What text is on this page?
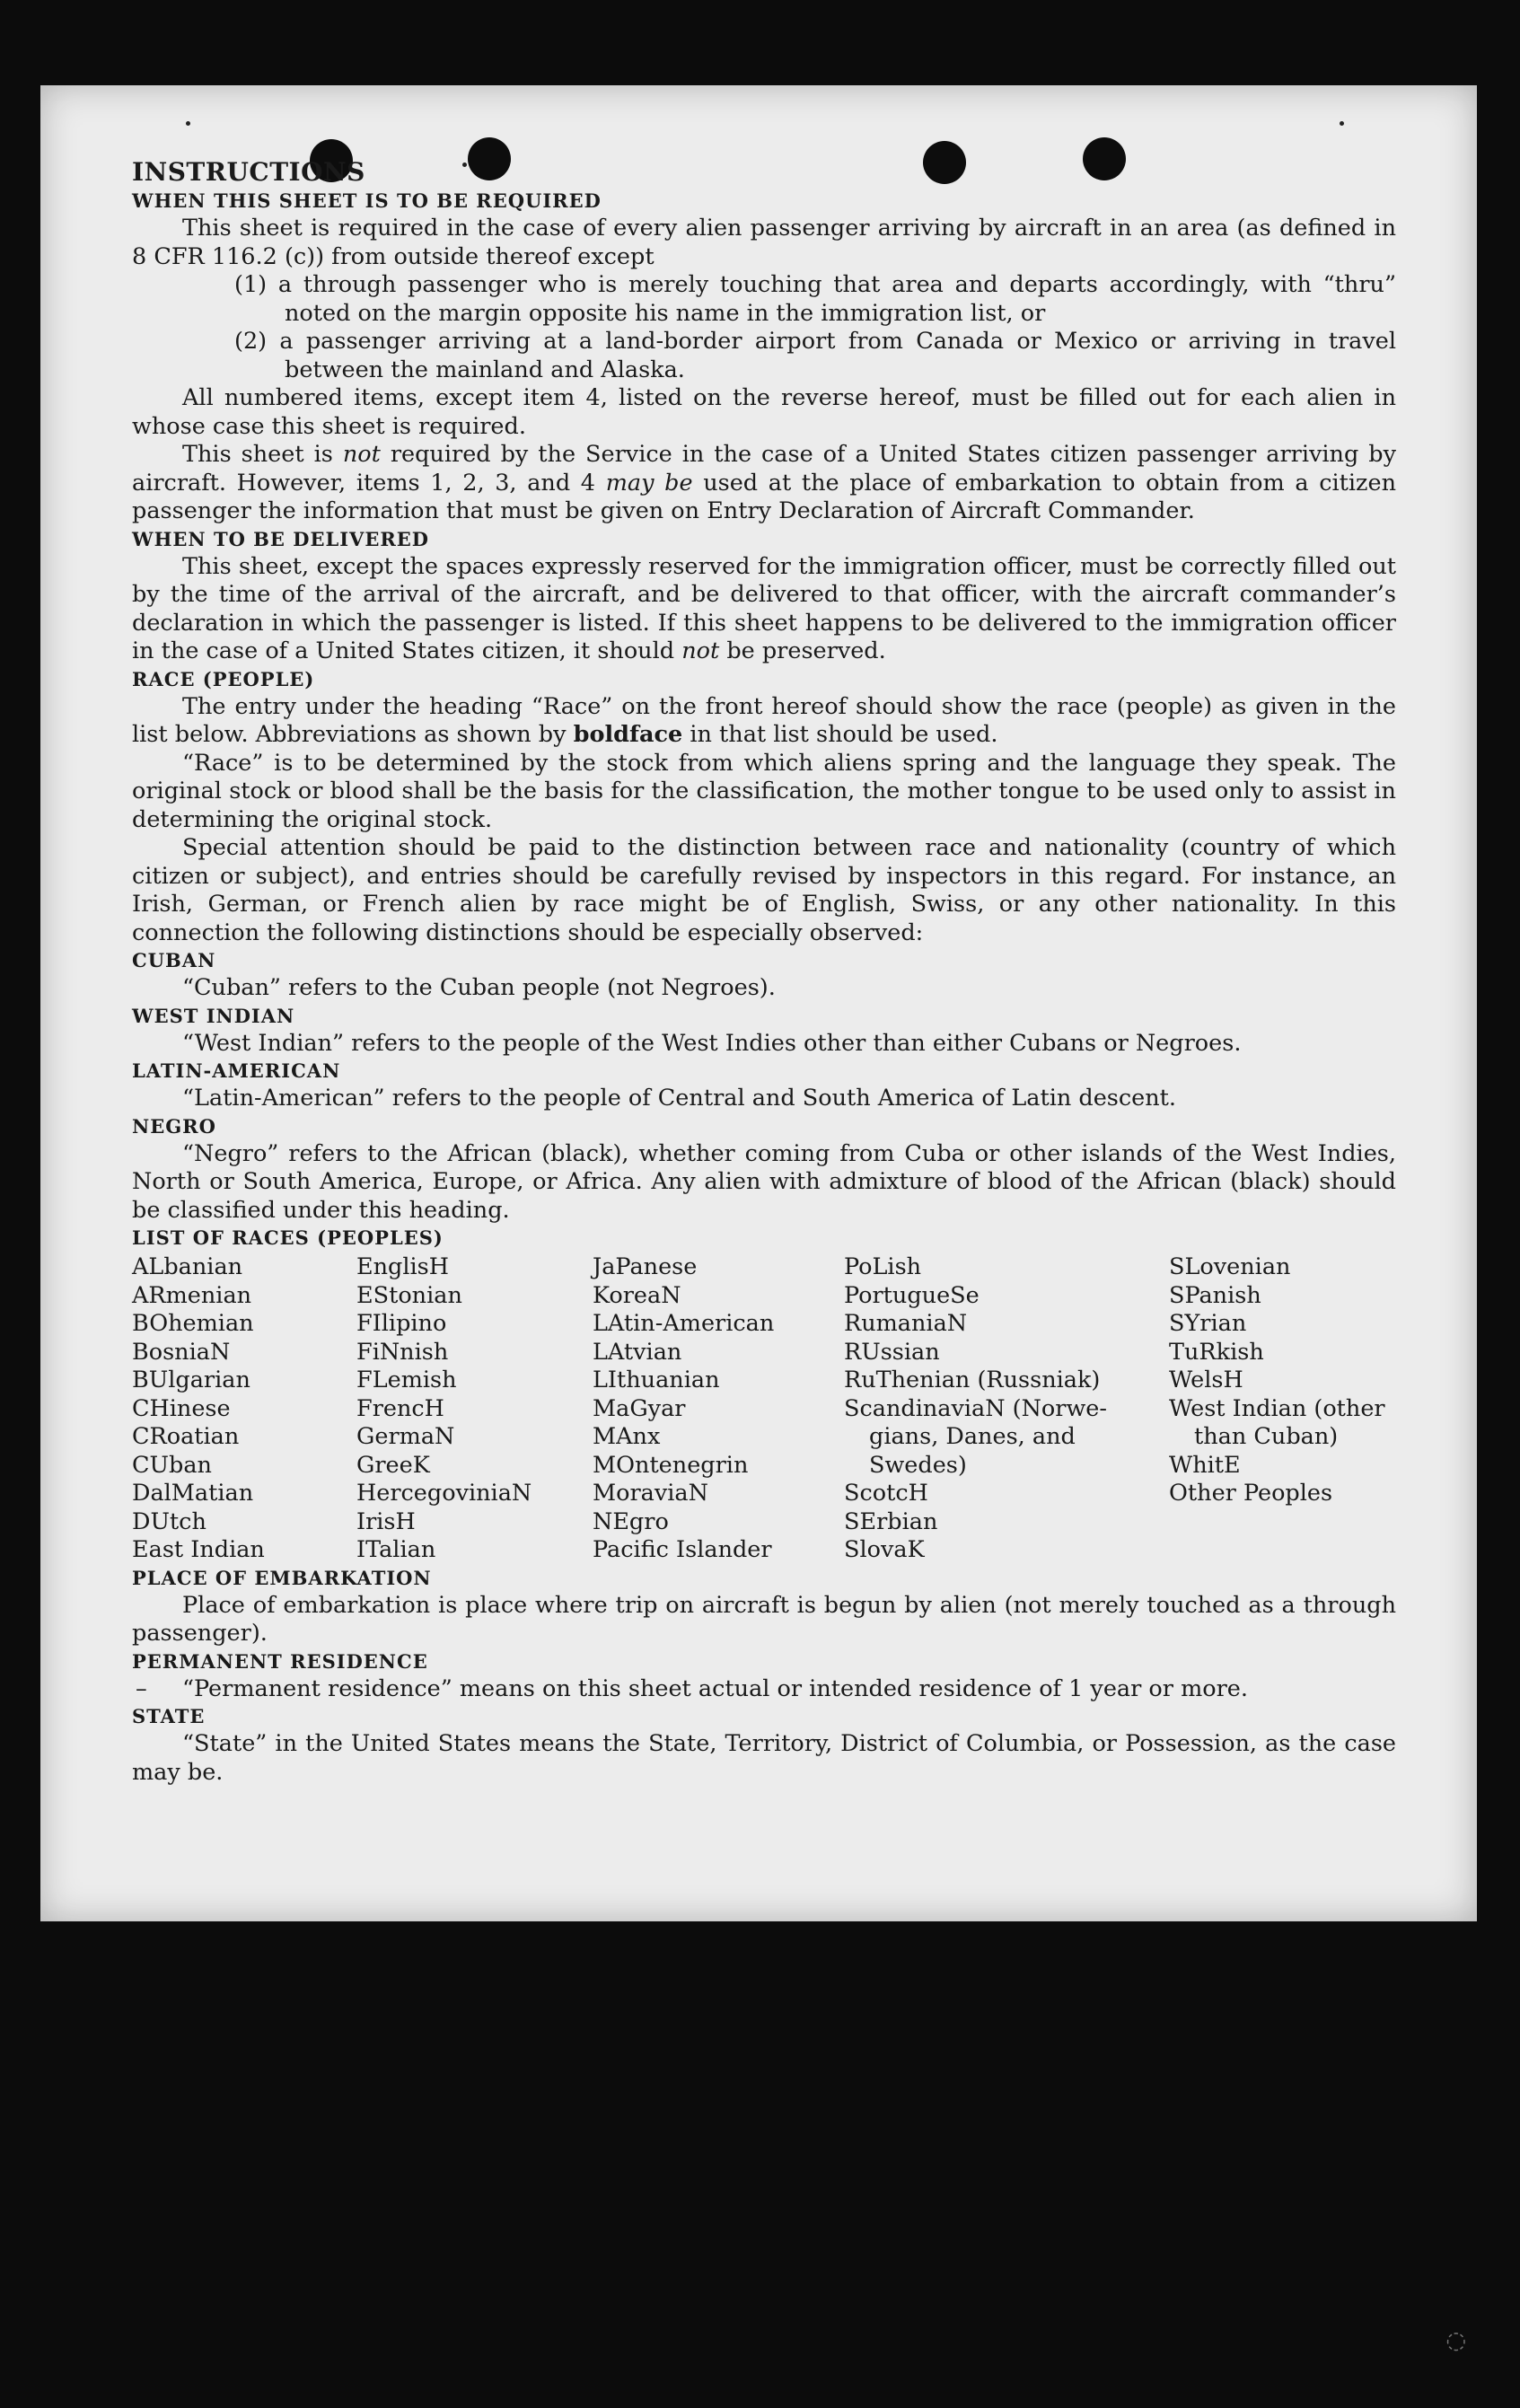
INSTRUCTIONS

WHEN THIS SHEET IS TO BE REQUIRED

This sheet is required in the case of every alien passenger arriving by aircraft in an area (as defined in 8 CFR 116.2 (c)) from outside thereof except

(1) a through passenger who is merely touching that area and departs accordingly, with “thru” noted on the margin opposite his name in the immigration list, or

(2) a passenger arriving at a land-border airport from Canada or Mexico or arriving in travel between the mainland and Alaska.

All numbered items, except item 4, listed on the reverse hereof, must be filled out for each alien in whose case this sheet is required.

This sheet is not required by the Service in the case of a United States citizen passenger arriving by aircraft. However, items 1, 2, 3, and 4 may be used at the place of embarkation to obtain from a citizen passenger the information that must be given on Entry Declaration of Aircraft Commander.

WHEN TO BE DELIVERED

This sheet, except the spaces expressly reserved for the immigration officer, must be correctly filled out by the time of the arrival of the aircraft, and be delivered to that officer, with the aircraft commander’s declaration in which the passenger is listed. If this sheet happens to be delivered to the immigration officer in the case of a United States citizen, it should not be preserved.

RACE (PEOPLE)

The entry under the heading “Race” on the front hereof should show the race (people) as given in the list below. Abbreviations as shown by boldface in that list should be used.

“Race” is to be determined by the stock from which aliens spring and the language they speak. The original stock or blood shall be the basis for the classification, the mother tongue to be used only to assist in determining the original stock.

Special attention should be paid to the distinction between race and nationality (country of which citizen or subject), and entries should be carefully revised by inspectors in this regard. For instance, an Irish, German, or French alien by race might be of English, Swiss, or any other nationality. In this connection the following distinctions should be especially observed:

CUBAN

“Cuban” refers to the Cuban people (not Negroes).

WEST INDIAN

“West Indian” refers to the people of the West Indies other than either Cubans or Negroes.

LATIN-AMERICAN

“Latin-American” refers to the people of Central and South America of Latin descent.

NEGRO

“Negro” refers to the African (black), whether coming from Cuba or other islands of the West Indies, North or South America, Europe, or Africa. Any alien with admixture of blood of the African (black) should be classified under this heading.

LIST OF RACES (PEOPLES)

ALbanian
ARmenian
BOhemian
BosniaN
BUlgarian
CHinese
CRoatian
CUban
DalMatian
DUtch
East Indian
EnglisH
EStonian
FIlipino
FiNnish
FLemish
FrencH
GermaN
GreeK
HercegoviniaN
IrisH
ITalian
JaPanese
KoreaN
LAtin-American
LAtvian
LIthuanian
MaGyar
MAnx
MOntenegrin
MoraviaN
NEgro
Pacific Islander
PoLish
PortugueSe
RumaniaN
RUssian
RuThenian (Russniak)
ScandinaviaN (Norwe-
gians, Danes, and
Swedes)
ScotcH
SErbian
SlovaK
SLovenian
SPanish
SYrian
TuRkish
WelsH
West Indian (other
than Cuban)
WhitE
Other Peoples

PLACE OF EMBARKATION

Place of embarkation is place where trip on aircraft is begun by alien (not merely touched as a through passenger).

PERMANENT RESIDENCE

– “Permanent residence” means on this sheet actual or intended residence of 1 year or more.

STATE

“State” in the United States means the State, Territory, District of Columbia, or Possession, as the case may be.

◌
